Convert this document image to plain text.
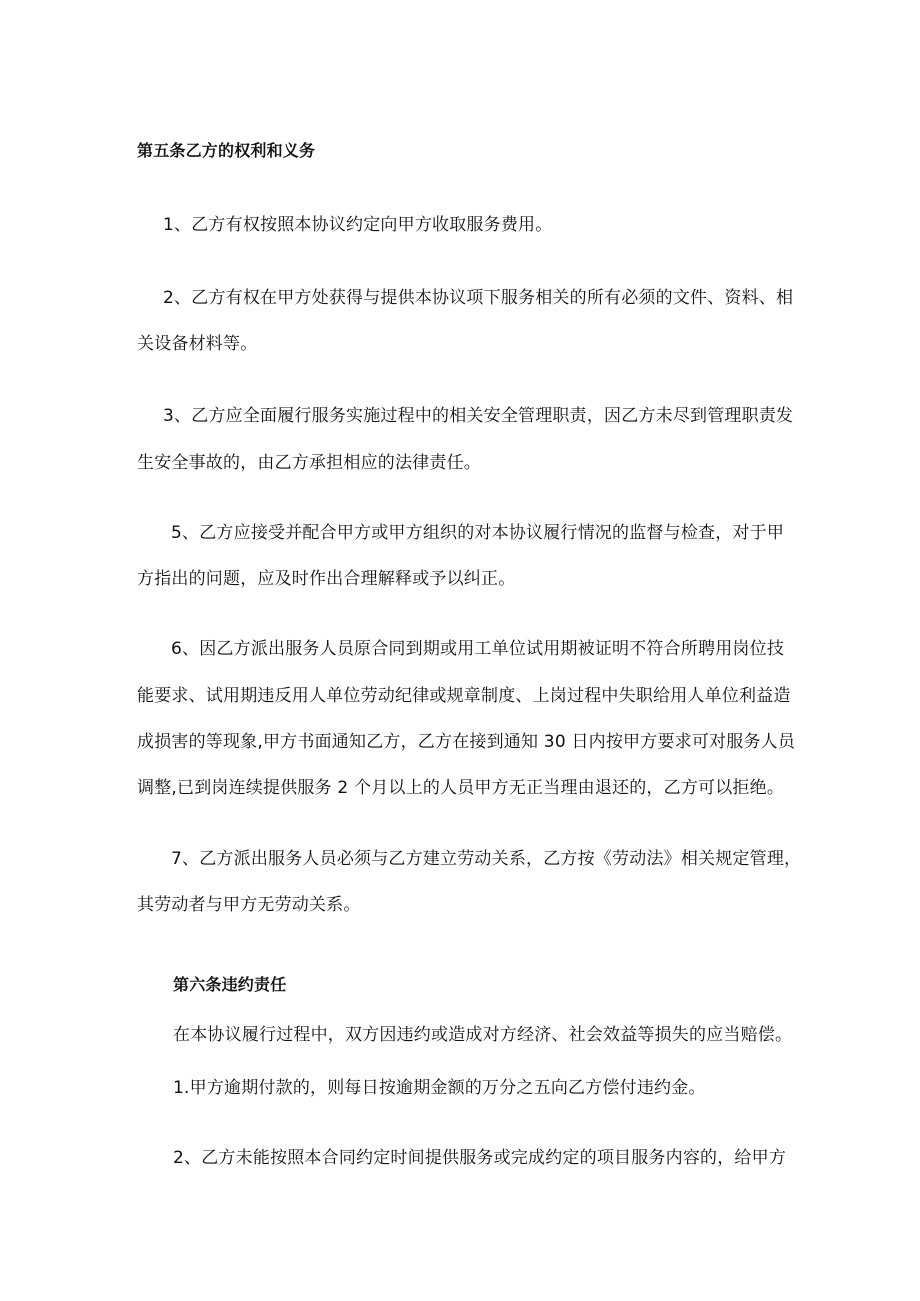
第五条乙方的权利和义务
1、乙方有权按照本协议约定向甲方收取服务费用。
2、乙方有权在甲方处获得与提供本协议项下服务相关的所有必须的文件、资料、相
关设备材料等。
3、乙方应全面履行服务实施过程中的相关安全管理职责，因乙方未尽到管理职责发
生安全事故的，由乙方承担相应的法律责任。
5、乙方应接受并配合甲方或甲方组织的对本协议履行情况的监督与检查，对于甲
方指出的问题，应及时作出合理解释或予以纠正。
6、因乙方派出服务人员原合同到期或用工单位试用期被证明不符合所聘用岗位技
能要求、试用期违反用人单位劳动纪律或规章制度、上岗过程中失职给用人单位利益造
成损害的等现象,甲方书面通知乙方，乙方在接到通知 30 日内按甲方要求可对服务人员
调整,已到岗连续提供服务 2 个月以上的人员甲方无正当理由退还的，乙方可以拒绝。
7、乙方派出服务人员必须与乙方建立劳动关系，乙方按《劳动法》相关规定管理，
其劳动者与甲方无劳动关系。
第六条违约责任
在本协议履行过程中，双方因违约或造成对方经济、社会效益等损失的应当赔偿。
1.甲方逾期付款的，则每日按逾期金额的万分之五向乙方偿付违约金。
2、乙方未能按照本合同约定时间提供服务或完成约定的项目服务内容的，给甲方
